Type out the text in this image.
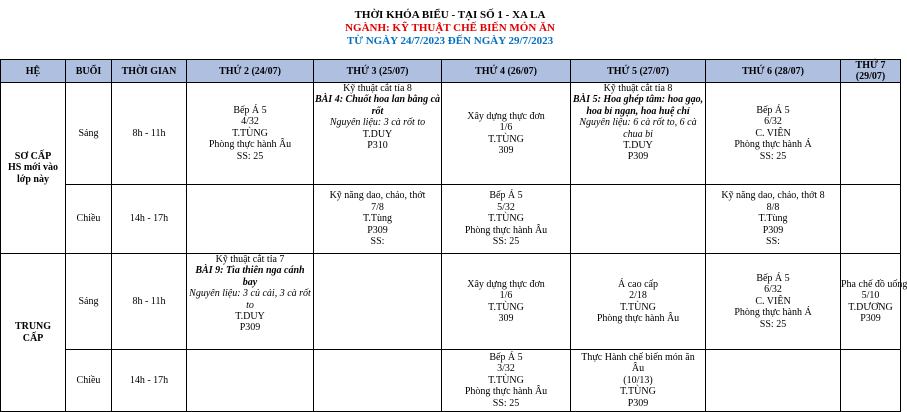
THỜI KHÓA BIỂU - TẠI SỐ 1 - XA LA
NGÀNH: KỸ THUẬT CHẾ BIẾN MÓN ĂN
TỪ NGÀY 24/7/2023 ĐẾN NGÀY 29/7/2023
HỆ	BUỔI	THỜI GIAN	THỨ 2 (24/07)	THỨ 3 (25/07)	THỨ 4 (26/07)	THỨ 5 (27/07)	THỨ 6 (28/07)	THỨ 7 (29/07)

SƠ CẤP
HS mới vào
lớp này	Sáng	8h - 11h	Bếp Á 5
4/32
T.TÙNG
Phòng thực hành Âu
SS: 25	Kỹ thuật cắt tỉa 8
BÀI 4: Chuốt hoa lan bằng cà rốt
Nguyên liệu: 3 cà rốt to
T.DUY
P310	Xây dựng thực đơn
1/6
T.TÙNG
309	Kỹ thuật cắt tỉa 8
BÀI 5: Hoa ghép tâm: hoa gạo, hoa bỉ ngạn, hoa huệ chỉ
Nguyên liệu: 6 cà rốt to, 6 cà chua bi
T.DUY
P309	Bếp Á 5
6/32
C. VIÊN
Phòng thực hành Á
SS: 25	

	Chiều	14h - 17h		Kỹ năng dao, chảo, thớt
7/8
T.Tùng
P309
SS:	Bếp Á 5
5/32
T.TÙNG
Phòng thực hành Âu
SS: 25		Kỹ năng dao, chảo, thớt 8
8/8
T.Tùng
P309
SS:	

TRUNG
CẤP	Sáng	8h - 11h	Kỹ thuật cắt tỉa 7
BÀI 9: Tìa thiên nga cánh bay
Nguyên liệu: 3 củ cải, 3 cà rốt to
T.DUY
P309		Xây dựng thực đơn
1/6
T.TÙNG
309	Á cao cấp
2/18
T.TÙNG
Phòng thực hành Âu	Bếp Á 5
6/32
C. VIÊN
Phòng thực hành Á
SS: 25	Pha chế đồ uống
5/10
T.DƯƠNG
P309

	Chiều	14h - 17h			Bếp Á 5
3/32
T.TÙNG
Phòng thực hành Âu
SS: 25	Thực Hành chế biến món ăn Âu
(10/13)
T.TÙNG
P309		
